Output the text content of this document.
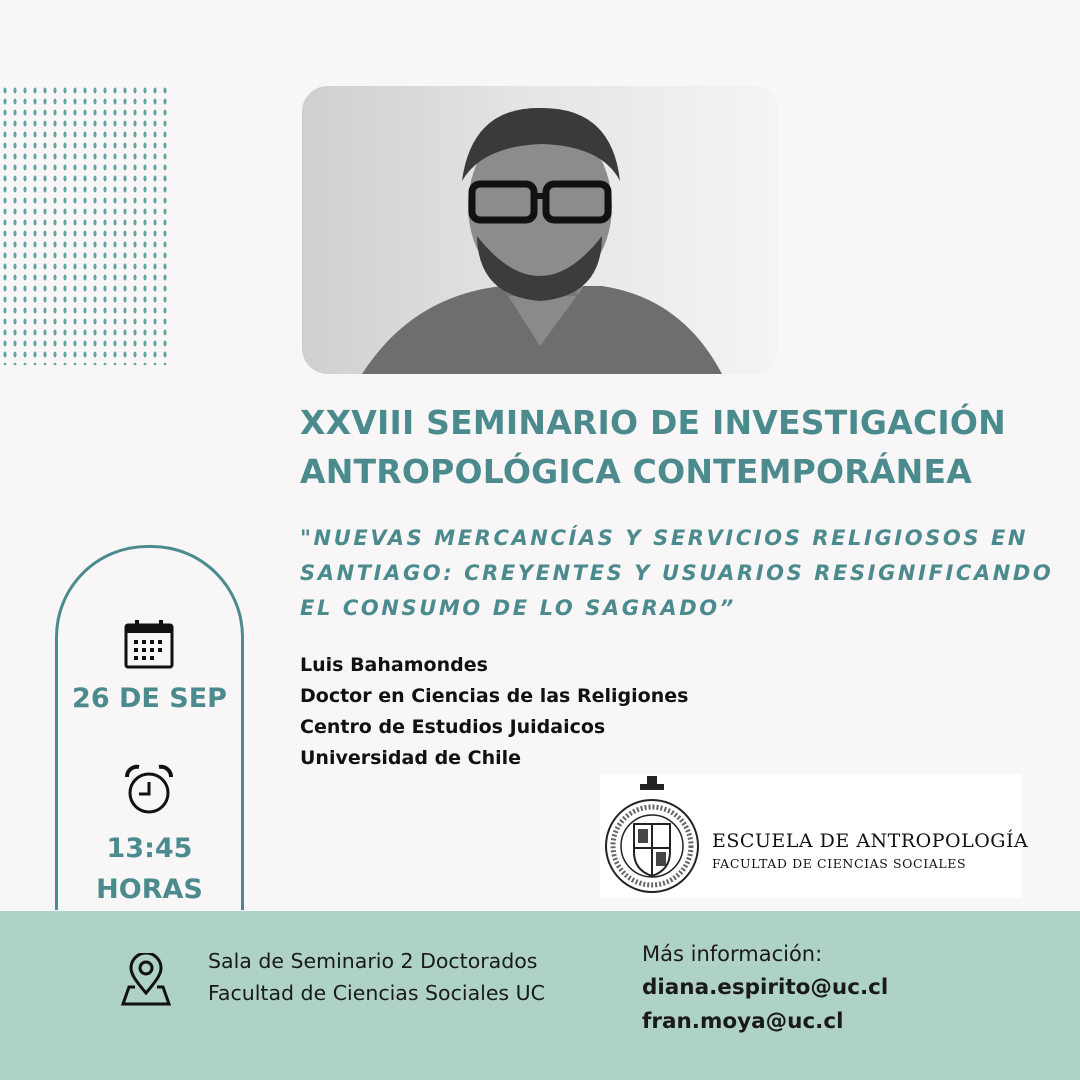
XXVIII SEMINARIO DE INVESTIGACIÓN
ANTROPOLÓGICA CONTEMPORÁNEA

"NUEVAS MERCANCÍAS Y SERVICIOS RELIGIOSOS EN
SANTIAGO: CREYENTES Y USUARIOS RESIGNIFICANDO
EL CONSUMO DE LO SAGRADO”

Luis Bahamondes
Doctor en Ciencias de las Religiones
Centro de Estudios Juidaicos
Universidad de Chile
26 DE SEP
13:45
HORAS
ESCUELA DE ANTROPOLOGÍA
FACULTAD DE CIENCIAS SOCIALES
Sala de Seminario 2 Doctorados
Facultad de Ciencias Sociales UC
Más información:
diana.espirito@uc.cl
fran.moya@uc.cl
